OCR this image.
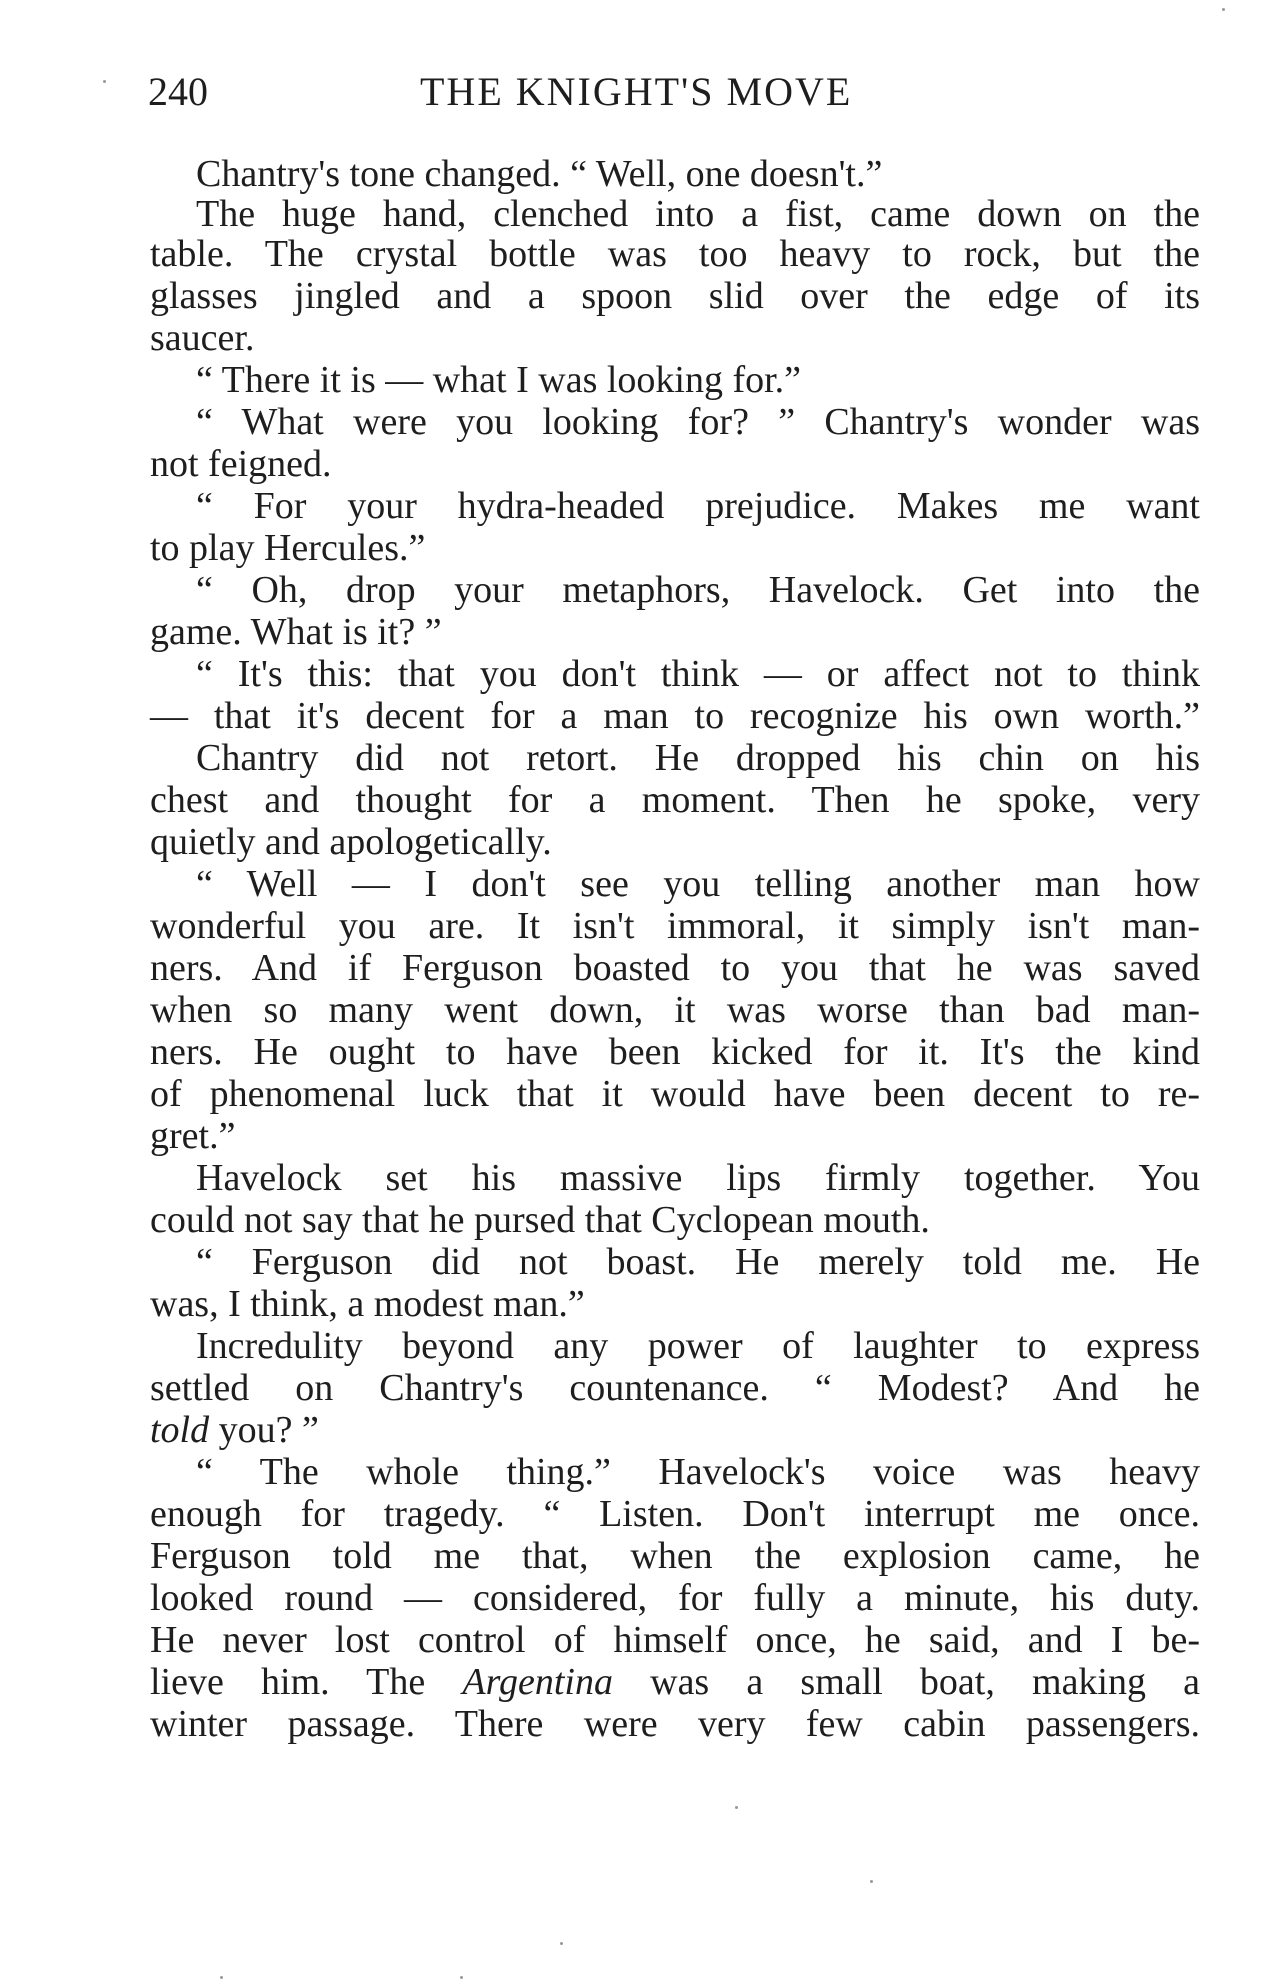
240	THE KNIGHT'S MOVE

Chantry's tone changed. “ Well, one doesn't.”

The huge hand, clenched into a fist, came down on the

table. The crystal bottle was too heavy to rock, but the

glasses jingled and a spoon slid over the edge of its

saucer.

“ There it is — what I was looking for.”

“ What were you looking for? ” Chantry's wonder was

not feigned.

“ For your hydra-headed prejudice. Makes me want

to play Hercules.”

“ Oh, drop your metaphors, Havelock. Get into the

game. What is it? ”

“ It's this: that you don't think — or affect not to think

— that it's decent for a man to recognize his own worth.”

Chantry did not retort. He dropped his chin on his

chest and thought for a moment. Then he spoke, very

quietly and apologetically.

“ Well — I don't see you telling another man how

wonderful you are. It isn't immoral, it simply isn't man-

ners. And if Ferguson boasted to you that he was saved

when so many went down, it was worse than bad man-

ners. He ought to have been kicked for it. It's the kind

of phenomenal luck that it would have been decent to re-

gret.”

Havelock set his massive lips firmly together. You

could not say that he pursed that Cyclopean mouth.

“ Ferguson did not boast. He merely told me. He

was, I think, a modest man.”

Incredulity beyond any power of laughter to express

settled on Chantry's countenance. “ Modest? And he

told you? ”

“ The whole thing.” Havelock's voice was heavy

enough for tragedy. “ Listen. Don't interrupt me once.

Ferguson told me that, when the explosion came, he

looked round — considered, for fully a minute, his duty.

He never lost control of himself once, he said, and I be-

lieve him. The Argentina was a small boat, making a

winter passage. There were very few cabin passengers.
